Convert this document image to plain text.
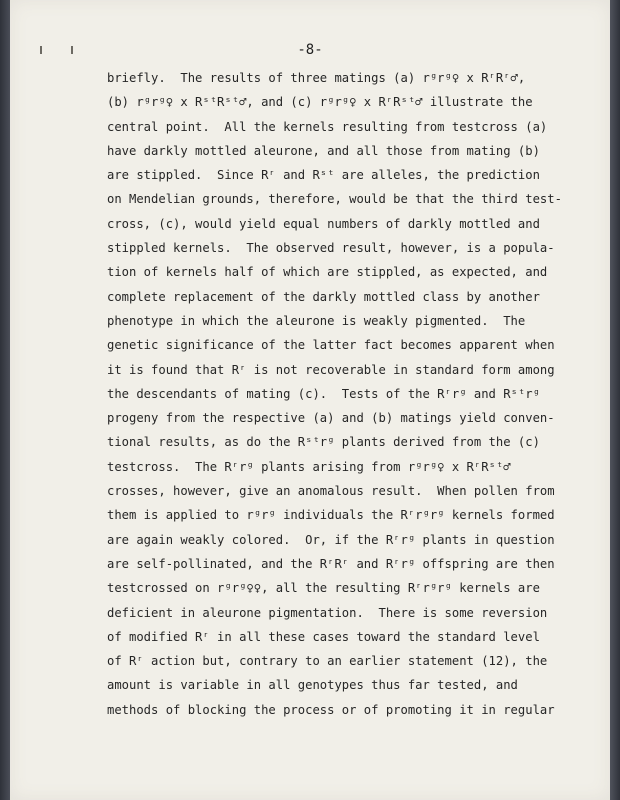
-8-
briefly.  The results of three matings (a) rᵍrᵍ♀ x RʳRʳ♂,
(b) rᵍrᵍ♀ x RˢᵗRˢᵗ♂, and (c) rᵍrᵍ♀ x RʳRˢᵗ♂ illustrate the
central point.  All the kernels resulting from testcross (a)
have darkly mottled aleurone, and all those from mating (b)
are stippled.  Since Rʳ and Rˢᵗ are alleles, the prediction
on Mendelian grounds, therefore, would be that the third test-
cross, (c), would yield equal numbers of darkly mottled and
stippled kernels.  The observed result, however, is a popula-
tion of kernels half of which are stippled, as expected, and
complete replacement of the darkly mottled class by another
phenotype in which the aleurone is weakly pigmented.  The
genetic significance of the latter fact becomes apparent when
it is found that Rʳ is not recoverable in standard form among
the descendants of mating (c).  Tests of the Rʳrᵍ and Rˢᵗrᵍ
progeny from the respective (a) and (b) matings yield conven-
tional results, as do the Rˢᵗrᵍ plants derived from the (c)
testcross.  The Rʳrᵍ plants arising from rᵍrᵍ♀ x RʳRˢᵗ♂
crosses, however, give an anomalous result.  When pollen from
them is applied to rᵍrᵍ individuals the Rʳrᵍrᵍ kernels formed
are again weakly colored.  Or, if the Rʳrᵍ plants in question
are self-pollinated, and the RʳRʳ and Rʳrᵍ offspring are then
testcrossed on rᵍrᵍ♀♀, all the resulting Rʳrᵍrᵍ kernels are
deficient in aleurone pigmentation.  There is some reversion
of modified Rʳ in all these cases toward the standard level
of Rʳ action but, contrary to an earlier statement (12), the
amount is variable in all genotypes thus far tested, and
methods of blocking the process or of promoting it in regular
